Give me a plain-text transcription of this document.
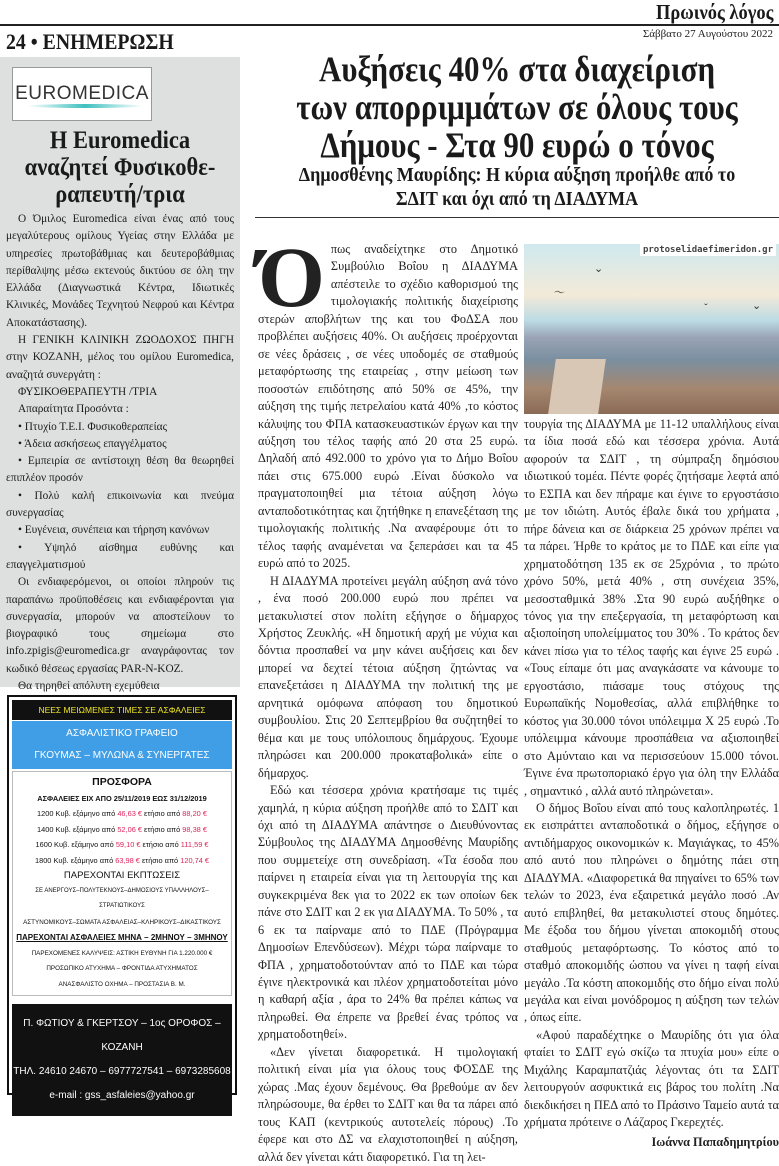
Πρωινός λόγος
24 • ΕΝΗΜΕΡΩΣΗ	Σάββατο 27 Αυγούστου 2022
EUROMEDICA
Η Euromedica αναζητεί Φυσικοθε-ραπευτή/τρια

Ο Όμιλος Euromedica είναι ένας από τους μεγαλύτερους ομίλους Υγείας στην Ελλάδα με υπηρεσίες πρωτοβάθμιας και δευτεροβάθμιας περίθαλψης μέσω εκτενούς δικτύου σε όλη την Ελλάδα (Διαγνωστικά Κέντρα, Ιδιωτικές Κλινικές, Μονάδες Τεχνητού Νεφρού και Κέντρα Αποκατάστασης).

Η ΓΕΝΙΚΗ ΚΛΙΝΙΚΗ ΖΩΟΔΟΧΟΣ ΠΗΓΗ στην ΚΟΖΑΝΗ, μέλος του ομίλου Euromedica, αναζητά συνεργάτη :

ΦΥΣΙΚΟΘΕΡΑΠΕΥΤΗ /ΤΡΙΑ

Απαραίτητα Προσόντα :

• Πτυχίο Τ.Ε.Ι. Φυσικοθεραπείας

• Άδεια ασκήσεως επαγγέλματος

• Εμπειρία σε αντίστοιχη θέση θα θεωρηθεί επιπλέον προσόν

• Πολύ καλή επικοινωνία και πνεύμα συνεργασίας

• Ευγένεια, συνέπεια και τήρηση κανόνων

• Υψηλό αίσθημα ευθύνης και επαγγελματισμού

Οι ενδιαφερόμενοι, οι οποίοι πληρούν τις παραπάνω προϋποθέσεις και ενδιαφέρονται για συνεργασία, μπορούν να αποστείλουν το βιογραφικό τους σημείωμα στο info.zpigis@euromedica.gr αναγράφοντας τον κωδικό θέσεως εργασίας PAR-N-KOZ.

Θα τηρηθεί απόλυτη εχεμύθεια

ΝΕΕΣ ΜΕΙΩΜΕΝΕΣ ΤΙΜΕΣ ΣΕ ΑΣΦΑΛΕΙΕΣ
ΑΣΦΑΛΙΣΤΙΚΟ ΓΡΑΦΕΙΟ
ΓΚΟΥΜΑΣ – ΜΥΛΩΝΑ & ΣΥΝΕΡΓΑΤΕΣ
ΠΡΟΣΦΟΡΑ
ΑΣΦΑΛΕΙΕΣ ΕΙΧ ΑΠΟ 25/11/2019 ΕΩΣ 31/12/2019
1200 Κυβ. εξάμηνο από 46,63 € ετήσιο από 88,20 €
1400 Κυβ. εξάμηνο από 52,06 € ετήσιο από 98,38 €
1600 Κυβ. εξάμηνο από 59,10 € ετήσιο από 111,59 €
1800 Κυβ. εξάμηνο από 63,98 € ετήσιο από 120,74 €
ΠΑΡΕΧΟΝΤΑΙ ΕΚΠΤΩΣΕΙΣ
ΣΕ ΑΝΕΡΓΟΥΣ–ΠΟΛΥΤΕΚΝΟΥΣ–ΔΗΜΟΣΙΟΥΣ ΥΠΑΛΛΗΛΟΥΣ–ΣΤΡΑΤΙΩΤΙΚΟΥΣ
ΑΣΤΥΝΟΜΙΚΟΥΣ–ΣΩΜΑΤΑ ΑΣΦΑΛΕΙΑΣ–ΚΛΗΡΙΚΟΥΣ–ΔΙΚΑΣΤΙΚΟΥΣ
ΠΑΡΕΧΟΝΤΑΙ ΑΣΦΑΛΕΙΕΣ ΜΗΝΑ – 2ΜΗΝΟΥ – 3ΜΗΝΟΥ
ΠΑΡΕΧΟΜΕΝΕΣ ΚΑΛΥΨΕΙΣ: ΑΣΤΙΚΗ ΕΥΘΥΝΗ ΓΙΑ 1.220.000 €
ΠΡΟΣΩΠΙΚΟ ΑΤΥΧΗΜΑ – ΦΡΟΝΤΙΔΑ ΑΤΥΧΗΜΑΤΟΣ
ΑΝΑΣΦΑΛΙΣΤΟ ΟΧΗΜΑ – ΠΡΟΣΤΑΣΙΑ Β. Μ.
Π. ΦΩΤΙΟΥ & ΓΚΕΡΤΣΟΥ – 1ος ΟΡΟΦΟΣ – ΚΟΖΑΝΗ
ΤΗΛ. 24610 24670 – 6977727541 – 6973285608
e-mail : gss_asfaleies@yahoo.gr
Αυξήσεις 40% στα διαχείριση των απορριμμάτων σε όλους τους Δήμους - Στα 90 ευρώ ο τόνος
Δημοσθένης Μαυρίδης: Η κύρια αύξηση προήλθε από το ΣΔΙΤ και όχι από τη ΔΙΑΔΥΜΑ

Όπως αναδείχτηκε στο Δημοτικό Συμβούλιο Βοΐου η ΔΙΑΔΥΜΑ απέστειλε το σχέδιο καθορισμού της τιμολογιακής πολιτικής διαχείρισης στερών αποβλήτων της και του ΦοΔΣΑ που προβλέπει αυξήσεις 40%. Οι αυξήσεις προέρχονται σε νέες δράσεις , σε νέες υποδομές σε σταθμούς μεταφόρτωσης της εταιρείας , στην μείωση των ποσοστών επιδότησης από 50% σε 45%, την αύξηση της τιμής πετρελαίου κατά 40% ,το κόστος κάλυψης του ΦΠΑ κατασκευαστικών έργων και την αύξηση του τέλος ταφής από 20 στα 25 ευρώ. Δηλαδή από 492.000 το χρόνο για το Δήμο Βοΐου πάει στις 675.000 ευρώ .Είναι δύσκολο να πραγματοποιηθεί μια τέτοια αύξηση λόγω ανταποδοτικότητας και ζητήθηκε η επανεξέταση της τιμολογιακής πολιτικής .Να αναφέρουμε ότι το τέλος ταφής αναμένεται να ξεπεράσει και τα 45 ευρώ από το 2025.

Η ΔΙΑΔΥΜΑ προτείνει μεγάλη αύξηση ανά τόνο , ένα ποσό 200.000 ευρώ που πρέπει να μετακυλιστεί στον πολίτη εξήγησε ο δήμαρχος Χρήστος Ζευκλής. «Η δημοτική αρχή με νύχια και δόντια προσπαθεί να μην κάνει αυξήσεις και δεν μπορεί να δεχτεί τέτοια αύξηση ζητώντας να επανεξετάσει η ΔΙΑΔΥΜΑ την πολιτική της με αρνητικά ομόφωνα απόφαση του δημοτικού συμβουλίου. Στις 20 Σεπτεμβρίου θα συζητηθεί το θέμα και με τους υπόλοιπους δημάρχους. Έχουμε πληρώσει και 200.000 προκαταβολικά» είπε ο δήμαρχος.

Εδώ και τέσσερα χρόνια κρατήσαμε τις τιμές χαμηλά, η κύρια αύξηση προήλθε από το ΣΔΙΤ και όχι από τη ΔΙΑΔΥΜΑ απάντησε ο Διευθύνοντας Σύμβουλος της ΔΙΑΔΥΜΑ Δημοσθένης Μαυρίδης που συμμετείχε στη συνεδρίαση. «Τα έσοδα που παίρνει η εταιρεία είναι για τη λειτουργία της και συγκεκριμένα 8εκ για το 2022 εκ των οποίων 6εκ πάνε στο ΣΔΙΤ και 2 εκ για ΔΙΑΔΥΜΑ. Το 50% , τα 6 εκ τα παίρναμε από το ΠΔΕ (Πρόγραμμα Δημοσίων Επενδύσεων). Μέχρι τώρα παίρναμε το ΦΠΑ , χρηματοδοτούνταν από το ΠΔΕ και τώρα έγινε ηλεκτρονικά και πλέον χρηματοδοτείται μόνο η καθαρή αξία , άρα το 24% θα πρέπει κάπως να πληρωθεί. Θα έπρεπε να βρεθεί ένας τρόπος να χρηματοδοτηθεί».

«Δεν γίνεται διαφορετικά. Η τιμολογιακή πολιτική είναι μία για όλους τους ΦΟΣΔΕ της χώρας .Μας έχουν δεμένους. Θα βρεθούμε αν δεν πληρώσουμε, θα έρθει το ΣΔΙΤ και θα τα πάρει από τους ΚΑΠ (κεντρικούς αυτοτελείς πόρους) .Το έφερε και στο ΔΣ να ελαχιστοποιηθεί η αύξηση, αλλά δεν γίνεται κάτι διαφορετικό. Για τη λει-

⌄
〜
⌄
ˇ
protoselidaefimeridon.gr

τουργία της ΔΙΑΔΥΜΑ με 11-12 υπαλλήλους είναι τα ίδια ποσά εδώ και τέσσερα χρόνια. Αυτά αφορούν τα ΣΔΙΤ , τη σύμπραξη δημόσιου ιδιωτικού τομέα. Πέντε φορές ζητήσαμε λεφτά από το ΕΣΠΑ και δεν πήραμε και έγινε το εργοστάσιο με τον ιδιώτη. Αυτός έβαλε δικά του χρήματα , πήρε δάνεια και σε διάρκεια 25 χρόνων πρέπει να τα πάρει. Ήρθε το κράτος με το ΠΔΕ και είπε για χρηματοδότηση 135 εκ σε 25χρόνια , το πρώτο χρόνο 50%, μετά 40% , στη συνέχεια 35%, μεσοσταθμικά 38% .Στα 90 ευρώ αυξήθηκε ο τόνος για την επεξεργασία, τη μεταφόρτωση και αξιοποίηση υπολείμματος του 30% . Το κράτος δεν κάνει πίσω για το τέλος ταφής και έγινε 25 ευρώ . «Τους είπαμε ότι μας αναγκάσατε να κάνουμε το εργοστάσιο, πιάσαμε τους στόχους της Ευρωπαϊκής Νομοθεσίας, αλλά επιβλήθηκε το κόστος για 30.000 τόνοι υπόλειμμα Χ 25 ευρώ .Το υπόλειμμα κάνουμε προσπάθεια να αξιοποιηθεί στο Αμύνταιο και να περισσεύουν 15.000 τόνοι. Έγινε ένα πρωτοποριακό έργο για όλη την Ελλάδα , σημαντικό , αλλά αυτό πληρώνεται».

Ο δήμος Βοΐου είναι από τους καλοπληρωτές. 1 εκ εισπράττει ανταποδοτικά ο δήμος, εξήγησε ο αντιδήμαρχος οικονομικών κ. Μαγιάγκας, το 45% από αυτό που πληρώνει ο δημότης πάει στη ΔΙΑΔΥΜΑ. «Διαφορετικά θα πηγαίνει το 65% των τελών το 2023, ένα εξαιρετικά μεγάλο ποσό .Αν αυτό επιβληθεί, θα μετακυλιστεί στους δημότες. Με έξοδα του δήμου γίνεται αποκομιδή στους σταθμούς μεταφόρτωσης. Το κόστος από το σταθμό αποκομιδής ώσπου να γίνει η ταφή είναι μεγάλο .Τα κόστη αποκομιδής στο δήμο είναι πολύ μεγάλα και είναι μονόδρομος η αύξηση των τελών , όπως είπε.

«Αφού παραδέχτηκε ο Μαυρίδης ότι για όλα φταίει το ΣΔΙΤ εγώ σκίζω τα πτυχία μου» είπε ο Μιχάλης Καραμπατζιάς λέγοντας ότι τα ΣΔΙΤ λειτουργούν ασφυκτικά εις βάρος του πολίτη .Να διεκδικήσει η ΠΕΔ από το Πράσινο Ταμείο αυτά τα χρήματα πρότεινε ο Λάζαρος Γκερεχτές.

Ιωάννα Παπαδημητρίου
